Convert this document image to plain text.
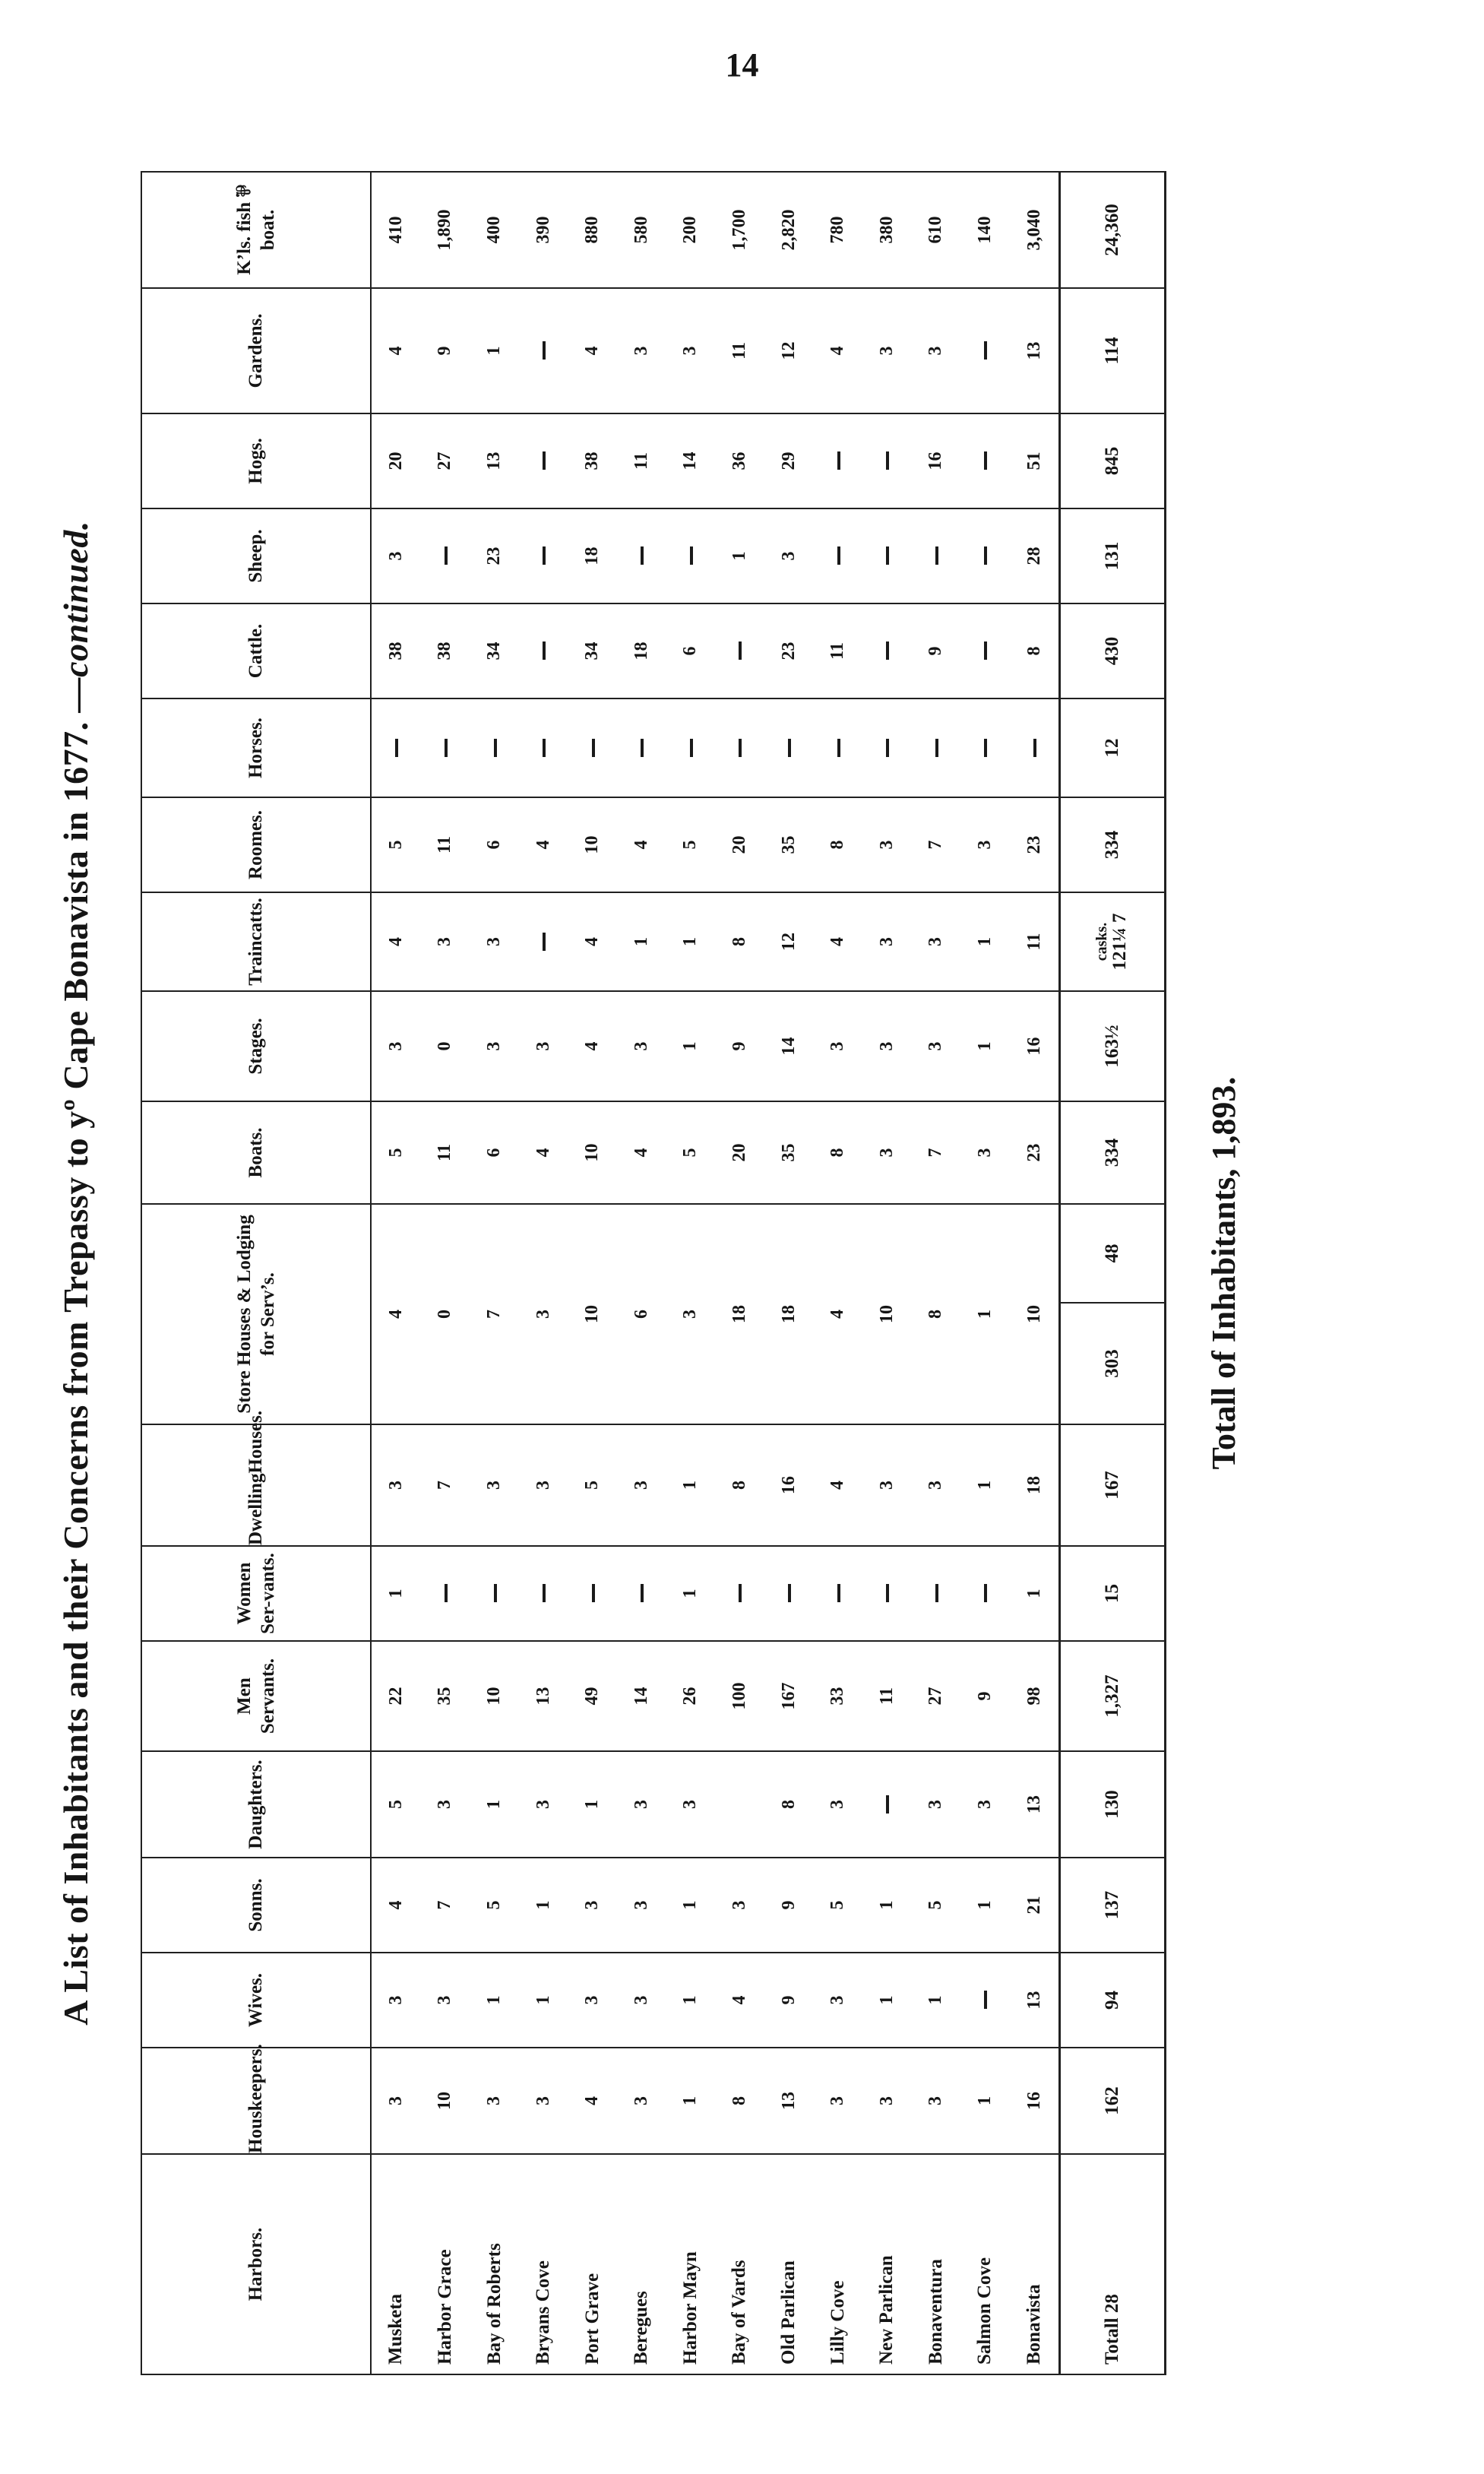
14
A List of Inhabitants and their Concerns from Trepassy to yº Cape Bonavista in 1677. —continued.
Harbors.	Houskeepers.	Wives.	Sonns.	Daughters.	Men Servants.	Women Ser-vants.	DwellingHouses.	Store Houses & Lodging for Serv’s.		Boats.	Stages.	Traincatts.	Roomes.	Horses.	Cattle.	Sheep.	Hogs.	Gardens.	K’ls. fish ⅌ boat.
Musketa	3	3	4	5	22	1	3	4		5	3	4	5		38	3	20	4	410
Harbor Grace	10	3	7	3	35		7	0		11	0	3	11		38		27	9	1,890
Bay of Roberts	3	1	5	1	10		3	7		6	3	3	6		34	23	13	1	400
Bryans Cove	3	1	1	3	13		3	3		4	3		4						390
Port Grave	4	3	3	1	49		5	10		10	4	4	10		34	18	38	4	880
Beregues	3	3	3	3	14		3	6		4	3	1	4		18		11	3	580
Harbor Mayn	1	1	1	3	26	1	1	3		5	1	1	5		6		14	3	200
Bay of Vards	8	4	3		100		8	18		20	9	8	20			1	36	11	1,700
Old Parlican	13	9	9	8	167		16	18		35	14	12	35		23	3	29	12	2,820
Lilly Cove	3	3	5	3	33		4	4		8	3	4	8		11			4	780
New Parlican	3	1	1		11		3	10		3	3	3	3					3	380
Bonaventura	3	1	5	3	27		3	8		7	3	3	7		9		16	3	610
Salmon Cove	1		1	3	9		1	1		3	1	1	3						140
Bonavista	16	13	21	13	98	1	18	10		23	16	11	23		8	28	51	13	3,040
Totall 28	162	94	137	130	1,327	15	167	303	48	334	163½	casks. 121¼ 7	334	12	430	131	845	114	24,360
Totall of Inhabitants, 1,893.
